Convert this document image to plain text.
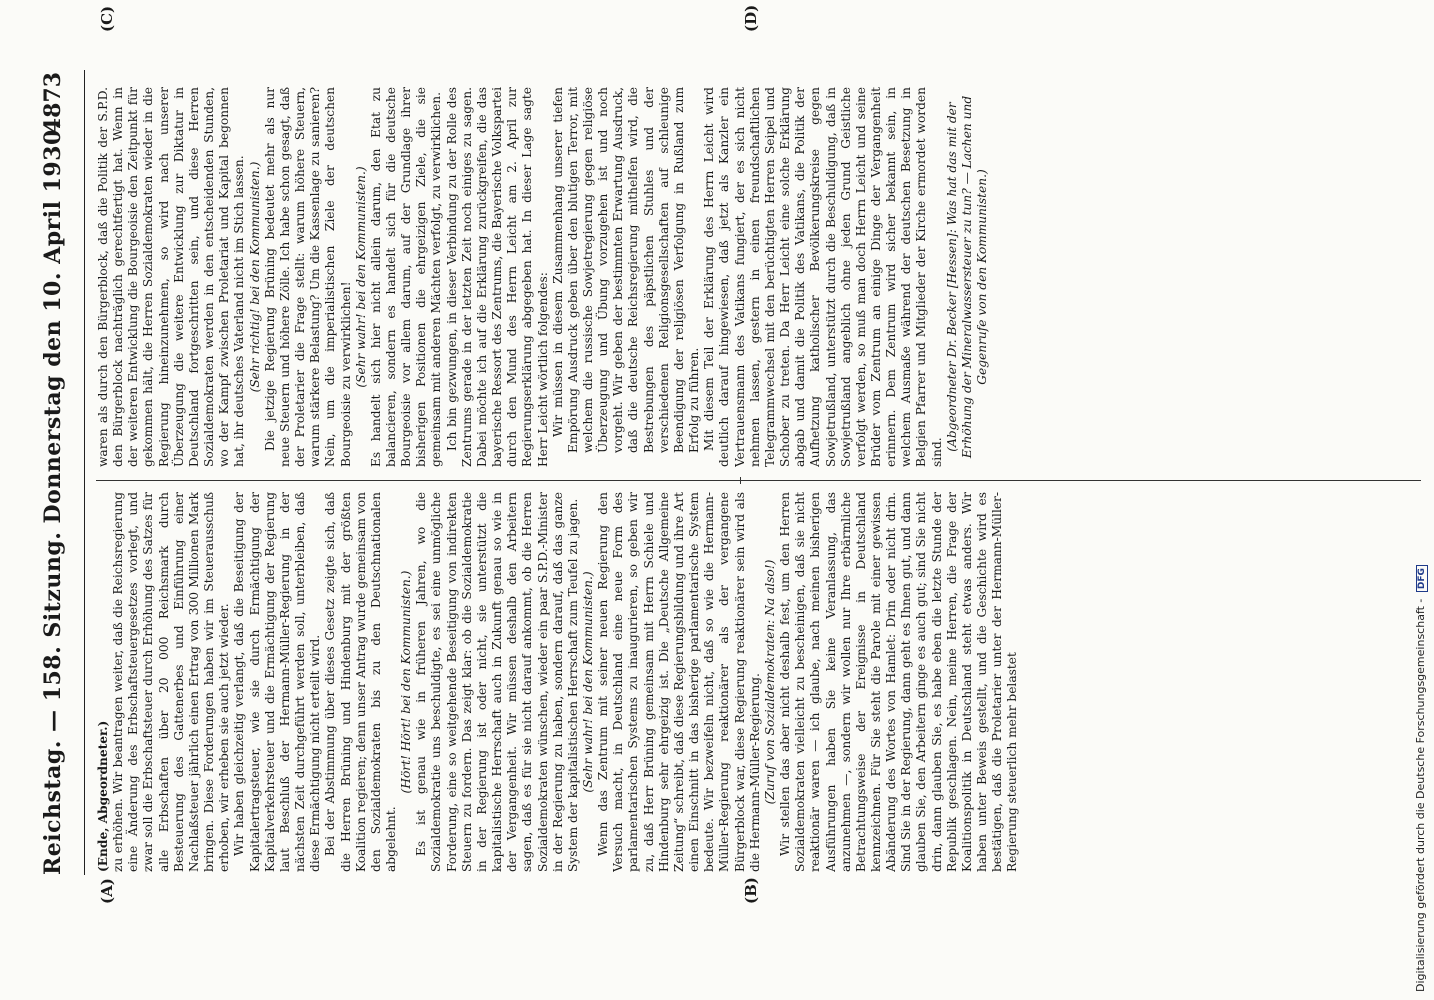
Reichstag. — 158. Sitzung. Donnerstag den 10. April 1930.
4873
(A)	(B)
(C)	(D)

(Ende, Abgeordneter.) zu erhöhen. Wir beantragen weiter, daß die Reichsregierung eine Änderung des Erbschaftsteuergesetzes vorlegt, und zwar soll die Erbschaftsteuer durch Erhöhung des Satzes für alle Erbschaften über 20 000 Reichsmark durch Besteuerung des Gattenerbes und Einführung einer Nachlaßsteuer jährlich einen Ertrag von 300 Millionen Mark bringen. Diese Forderungen haben wir im Steuerausschuß erhoben, wir erheben sie auch jetzt wieder. Wir haben gleichzeitig verlangt, daß die Beseitigung der Kapitalertragsteuer, wie sie durch Ermächtigung der Kapitalverkehrsteuer und die Ermächtigung der Regierung laut Beschluß der Hermann-Müller-Regierung in der nächsten Zeit durchgeführt werden soll, unterbleiben, daß diese Ermächtigung nicht erteilt wird. Bei der Abstimmung über dieses Gesetz zeigte sich, daß die Herren Brüning und Hindenburg mit der größten Koalition regieren; denn unser Antrag wurde gemeinsam von den Sozialdemokraten bis zu den Deutschnationalen abgelehnt.

(Hört! Hört! bei den Kommunisten.) Es ist genau wie in früheren Jahren, wo die Sozialdemokratie uns beschuldigte, es sei eine unmögliche Forderung, eine so weitgehende Beseitigung von indirekten Steuern zu fordern. Das zeigt klar: ob die Sozialdemokratie in der Regierung ist oder nicht, sie unterstützt die kapitalistische Herrschaft auch in Zukunft genau so wie in der Vergangenheit. Wir müssen deshalb den Arbeitern sagen, daß es für sie nicht darauf ankommt, ob die Herren Sozialdemokraten wünschen, wieder ein paar S.P.D.-Minister in der Regierung zu haben, sondern darauf, daß das ganze System der kapitalistischen Herrschaft zum Teufel zu jagen. (Sehr wahr! bei den Kommunisten.) Wenn das Zentrum mit seiner neuen Regierung den Versuch macht, in Deutschland eine neue Form des parlamentarischen Systems zu inaugurieren, so geben wir zu, daß Herr Brüning gemeinsam mit Herrn Schiele und Hindenburg sehr ehrgeizig ist. Die „Deutsche Allgemeine Zeitung“ schreibt, daß diese Regierungsbildung und ihre Art einen Einschnitt in das bisherige parlamentarische System bedeute. Wir bezweifeln nicht, daß so wie die Hermann-Müller-Regierung reaktionärer als der vergangene Bürgerblock war, diese Regierung reaktionärer sein wird als die Hermann-Müller-Regierung. (Zuruf von Sozialdemokraten: Na also!) Wir stellen das aber nicht deshalb fest, um den Herren Sozialdemokraten vielleicht zu bescheinigen, daß sie nicht reaktionär waren — ich glaube, nach meinen bisherigen Ausführungen haben Sie keine Veranlassung, das anzunehmen —, sondern wir wollen nur Ihre erbärmliche Betrachtungsweise der Ereignisse in Deutschland kennzeichnen. Für Sie steht die Parole mit einer gewissen Abänderung des Wortes von Hamlet: Drin oder nicht drin. Sind Sie in der Regierung, dann geht es Ihnen gut, und dann glauben Sie, den Arbeitern ginge es auch gut; sind Sie nicht drin, dann glauben Sie, es habe eben die letzte Stunde der Republik geschlagen. Nein, meine Herren, die Frage der Koalitionspolitik in Deutschland steht etwas anders. Wir haben unter Beweis gestellt, und die Geschichte wird es bestätigen, daß die Proletarier unter der Hermann-Müller-Regierung steuerlich mehr belastet

waren als durch den Bürgerblock, daß die Politik der S.P.D. den Bürgerblock nachträglich gerechtfertigt hat. Wenn in der weiteren Entwicklung die Bourgeoisie den Zeitpunkt für gekommen hält, die Herren Sozialdemokraten wieder in die Regierung hineinzunehmen, so wird nach unserer Überzeugung die weitere Entwicklung zur Diktatur in Deutschland fortgeschritten sein, und diese Herren Sozialdemokraten werden in den entscheidenden Stunden, wo der Kampf zwischen Proletariat und Kapital begonnen hat, ihr deutsches Vaterland nicht im Stich lassen. (Sehr richtig! bei den Kommunisten.) Die jetzige Regierung Brüning bedeutet mehr als nur neue Steuern und höhere Zölle. Ich habe schon gesagt, daß der Proletarier die Frage stellt: warum höhere Steuern, warum stärkere Belastung? Um die Kassenlage zu sanieren? Nein, um die imperialistischen Ziele der deutschen Bourgeoisie zu verwirklichen! (Sehr wahr! bei den Kommunisten.) Es handelt sich hier nicht allein darum, den Etat zu balancieren, sondern es handelt sich für die deutsche Bourgeoisie vor allem darum, auf der Grundlage ihrer bisherigen Positionen die ehrgeizigen Ziele, die sie gemeinsam mit anderen Mächten verfolgt, zu verwirklichen. Ich bin gezwungen, in dieser Verbindung zu der Rolle des Zentrums gerade in der letzten Zeit noch einiges zu sagen. Dabei möchte ich auf die Erklärung zurückgreifen, die das bayerische Ressort des Zentrums, die Bayerische Volkspartei durch den Mund des Herrn Leicht am 2. April zur Regierungserklärung abgegeben hat. In dieser Lage sagte Herr Leicht wörtlich folgendes: Wir müssen in diesem Zusammenhang unserer tiefen Empörung Ausdruck geben über den blutigen Terror, mit welchem die russische Sowjetregierung gegen religiöse Überzeugung und Übung vorzugehen ist und noch vorgeht. Wir geben der bestimmten Erwartung Ausdruck, daß die deutsche Reichsregierung mithelfen wird, die Bestrebungen des päpstlichen Stuhles und der verschiedenen Religionsgesellschaften auf schleunige Beendigung der religiösen Verfolgung in Rußland zum Erfolg zu führen. Mit diesem Teil der Erklärung des Herrn Leicht wird deutlich darauf hingewiesen, daß jetzt als Kanzler ein Vertrauensmann des Vatikans fungiert, der es sich nicht nehmen lassen, gestern in einen freundschaftlichen Telegrammwechsel mit den berüchtigten Herren Seipel und Schober zu treten. Da Herr Leicht eine solche Erklärung abgab und damit die Politik des Vatikans, die Politik der Aufhetzung katholischer Bevölkerungskreise gegen Sowjetrußland, unterstützt durch die Beschuldigung, daß in Sowjetrußland angeblich ohne jeden Grund Geistliche verfolgt werden, so muß man doch Herrn Leicht und seine Brüder vom Zentrum an einige Dinge der Vergangenheit erinnern. Dem Zentrum wird sicher bekannt sein, in welchem Ausmaße während der deutschen Besetzung in Belgien Pfarrer und Mitglieder der Kirche ermordet worden sind.

(Abgeordneter Dr. Becker [Hessen]: Was hat das mit der Erhöhung der Mineralwassersteuer zu tun? — Lachen und Gegenrufe von den Kommunisten.)

Digitalisierung gefördert durch die Deutsche Forschungsgemeinschaft - DFG
